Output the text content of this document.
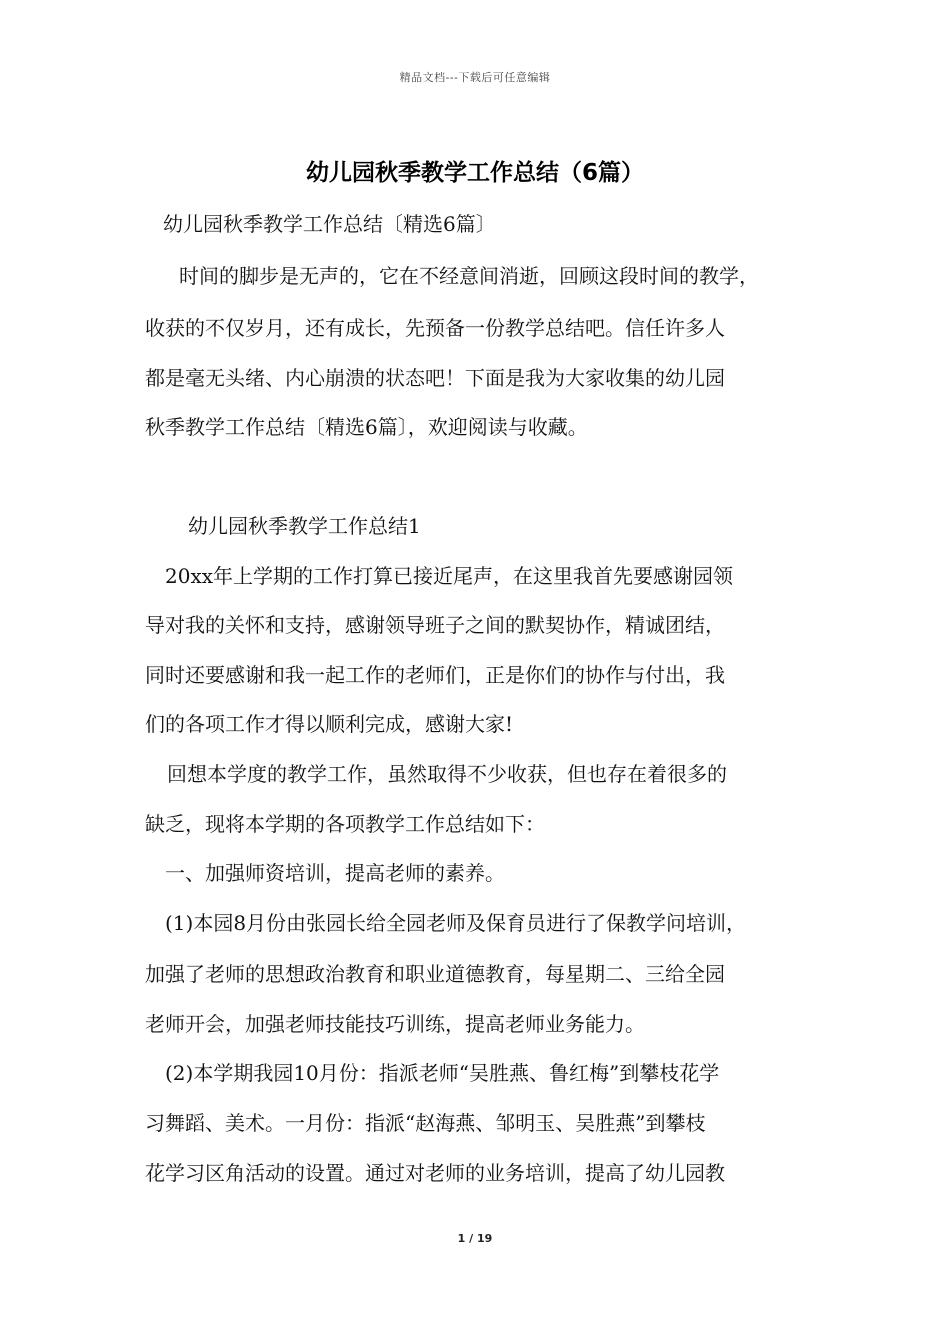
精品文档---下载后可任意编辑
幼儿园秋季教学工作总结（6篇）
幼儿园秋季教学工作总结〔精选6篇〕
时间的脚步是无声的，它在不经意间消逝，回顾这段时间的教学，
收获的不仅岁月，还有成长，先预备一份教学总结吧。信任许多人
都是毫无头绪、内心崩溃的状态吧！下面是我为大家收集的幼儿园
秋季教学工作总结〔精选6篇〕，欢迎阅读与收藏。
幼儿园秋季教学工作总结1
20xx年上学期的工作打算已接近尾声，在这里我首先要感谢园领
导对我的关怀和支持，感谢领导班子之间的默契协作，精诚团结，
同时还要感谢和我一起工作的老师们，正是你们的协作与付出，我
们的各项工作才得以顺利完成，感谢大家!
回想本学度的教学工作，虽然取得不少收获，但也存在着很多的
缺乏，现将本学期的各项教学工作总结如下：
一、加强师资培训，提高老师的素养。
(1)本园8月份由张园长给全园老师及保育员进行了保教学问培训，
加强了老师的思想政治教育和职业道德教育，每星期二、三给全园
老师开会，加强老师技能技巧训练，提高老师业务能力。
(2)本学期我园10月份：指派老师“吴胜燕、鲁红梅”到攀枝花学
习舞蹈、美术。一月份：指派“赵海燕、邹明玉、吴胜燕”到攀枝
花学习区角活动的设置。通过对老师的业务培训，提高了幼儿园教
1 / 19
